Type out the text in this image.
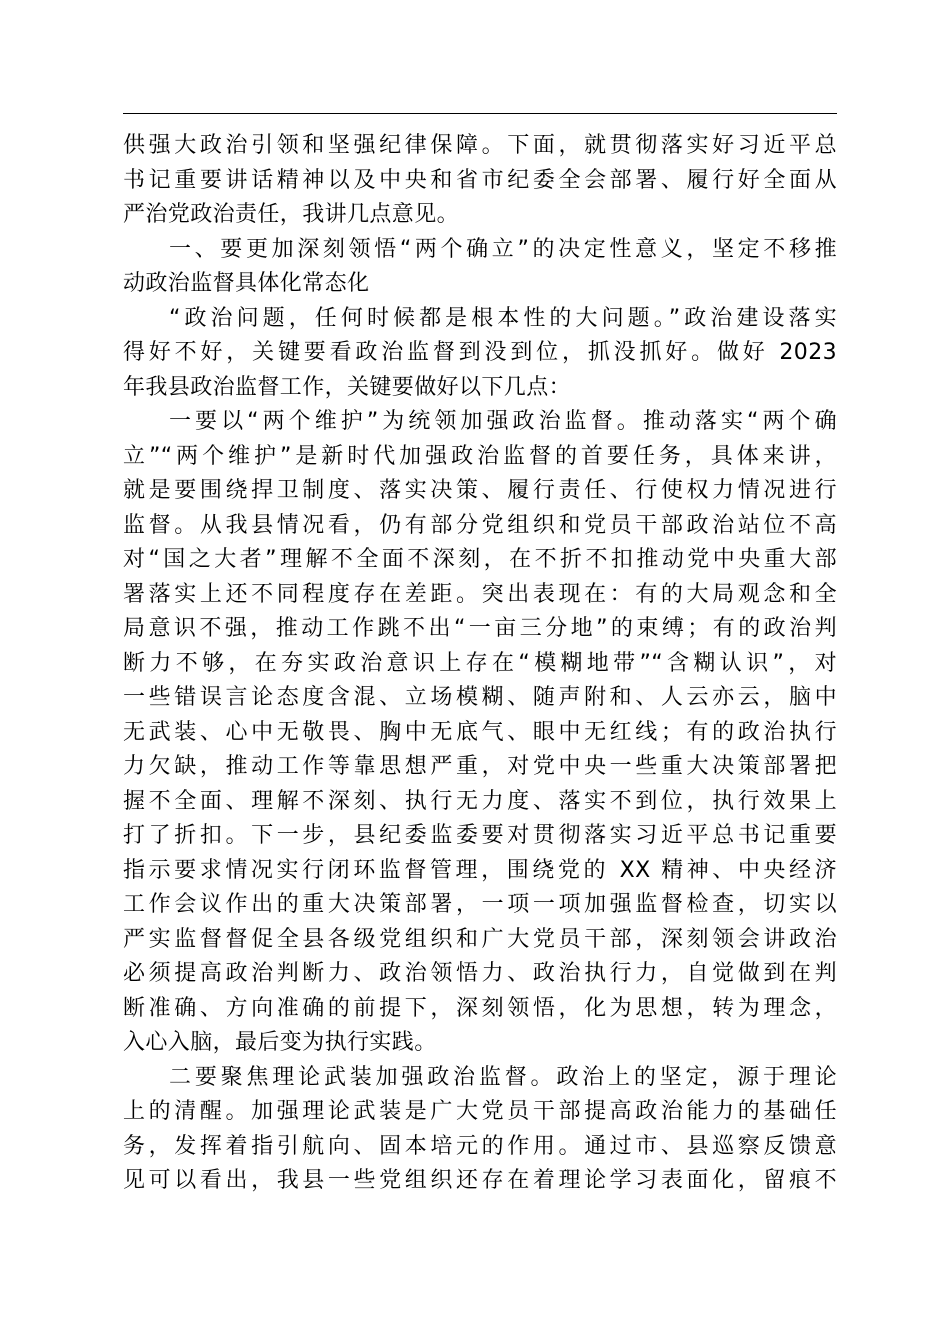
供强大政治引领和坚强纪律保障。下面，就贯彻落实好习近平总
书记重要讲话精神以及中央和省市纪委全会部署、履行好全面从
严治党政治责任，我讲几点意见。
一、要更加深刻领悟“两个确立”的决定性意义，坚定不移推
动政治监督具体化常态化
“政治问题，任何时候都是根本性的大问题。”政治建设落实
得好不好，关键要看政治监督到没到位，抓没抓好。做好 2023
年我县政治监督工作，关键要做好以下几点：
一要以“两个维护”为统领加强政治监督。推动落实“两个确
立”“两个维护”是新时代加强政治监督的首要任务，具体来讲，
就是要围绕捍卫制度、落实决策、履行责任、行使权力情况进行
监督。从我县情况看，仍有部分党组织和党员干部政治站位不高
对“国之大者”理解不全面不深刻，在不折不扣推动党中央重大部
署落实上还不同程度存在差距。突出表现在：有的大局观念和全
局意识不强，推动工作跳不出“一亩三分地”的束缚；有的政治判
断力不够，在夯实政治意识上存在“模糊地带”“含糊认识”，对
一些错误言论态度含混、立场模糊、随声附和、人云亦云，脑中
无武装、心中无敬畏、胸中无底气、眼中无红线；有的政治执行
力欠缺，推动工作等靠思想严重，对党中央一些重大决策部署把
握不全面、理解不深刻、执行无力度、落实不到位，执行效果上
打了折扣。下一步，县纪委监委要对贯彻落实习近平总书记重要
指示要求情况实行闭环监督管理，围绕党的 XX 精神、中央经济
工作会议作出的重大决策部署，一项一项加强监督检查，切实以
严实监督督促全县各级党组织和广大党员干部，深刻领会讲政治
必须提高政治判断力、政治领悟力、政治执行力，自觉做到在判
断准确、方向准确的前提下，深刻领悟，化为思想，转为理念，
入心入脑，最后变为执行实践。
二要聚焦理论武装加强政治监督。政治上的坚定，源于理论
上的清醒。加强理论武装是广大党员干部提高政治能力的基础任
务，发挥着指引航向、固本培元的作用。通过市、县巡察反馈意
见可以看出，我县一些党组织还存在着理论学习表面化，留痕不
